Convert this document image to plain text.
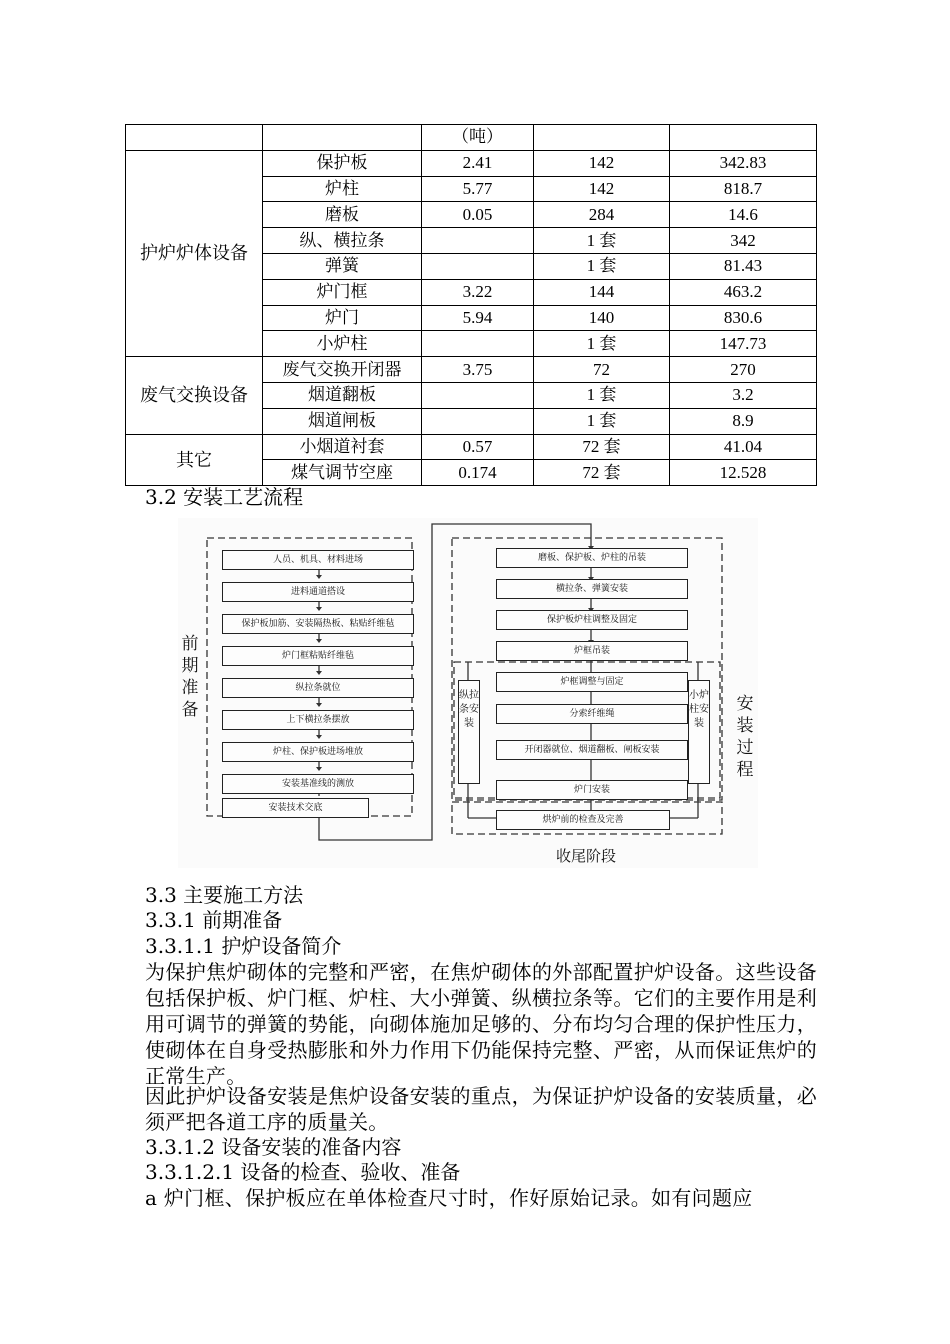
		（吨）		
护炉炉体设备	保护板	2.41	142	342.83
	炉柱	5.77	142	818.7
	磨板	0.05	284	14.6
	纵、横拉条		1 套	342
	弹簧		1 套	81.43
	炉门框	3.22	144	463.2
	炉门	5.94	140	830.6
	小炉柱		1 套	147.73
废气交换设备	废气交换开闭器	3.75	72	270
	烟道翻板		1 套	3.2
	烟道闸板		1 套	8.9
其它	小烟道衬套	0.57	72 套	41.04
	煤气调节空座	0.174	72 套	12.528
3.2 安装工艺流程
人员、机具、材料进场
进料通道搭设
保护板加筋、安装隔热板、粘贴纤维毡
炉门框粘贴纤维毡
纵拉条就位
上下横拉条摆放
炉柱、保护板进场堆放
安装基准线的测放
安装技术交底
磨板、保护板、炉柱的吊装
横拉条、弹簧安装
保护板炉柱调整及固定
炉框吊装
炉框调整与固定
分索纤维绳
开闭器就位、烟道翻板、闸板安装
炉门安装
烘炉前的检查及完善
前期准备	安装过程
收尾阶段
纵拉条安装
小炉柱安装
3.3 主要施工方法
3.3.1 前期准备
3.3.1.1 护炉设备简介
为保护焦炉砌体的完整和严密，在焦炉砌体的外部配置护炉设备。这些设备包括保护板、炉门框、炉柱、大小弹簧、纵横拉条等。它们的主要作用是利用可调节的弹簧的势能，向砌体施加足够的、分布均匀合理的保护性压力，使砌体在自身受热膨胀和外力作用下仍能保持完整、严密，从而保证焦炉的正常生产。
因此护炉设备安装是焦炉设备安装的重点，为保证护炉设备的安装质量，必须严把各道工序的质量关。
3.3.1.2 设备安装的准备内容
3.3.1.2.1 设备的检查、验收、准备
a 炉门框、保护板应在单体检查尺寸时，作好原始记录。如有问题应
